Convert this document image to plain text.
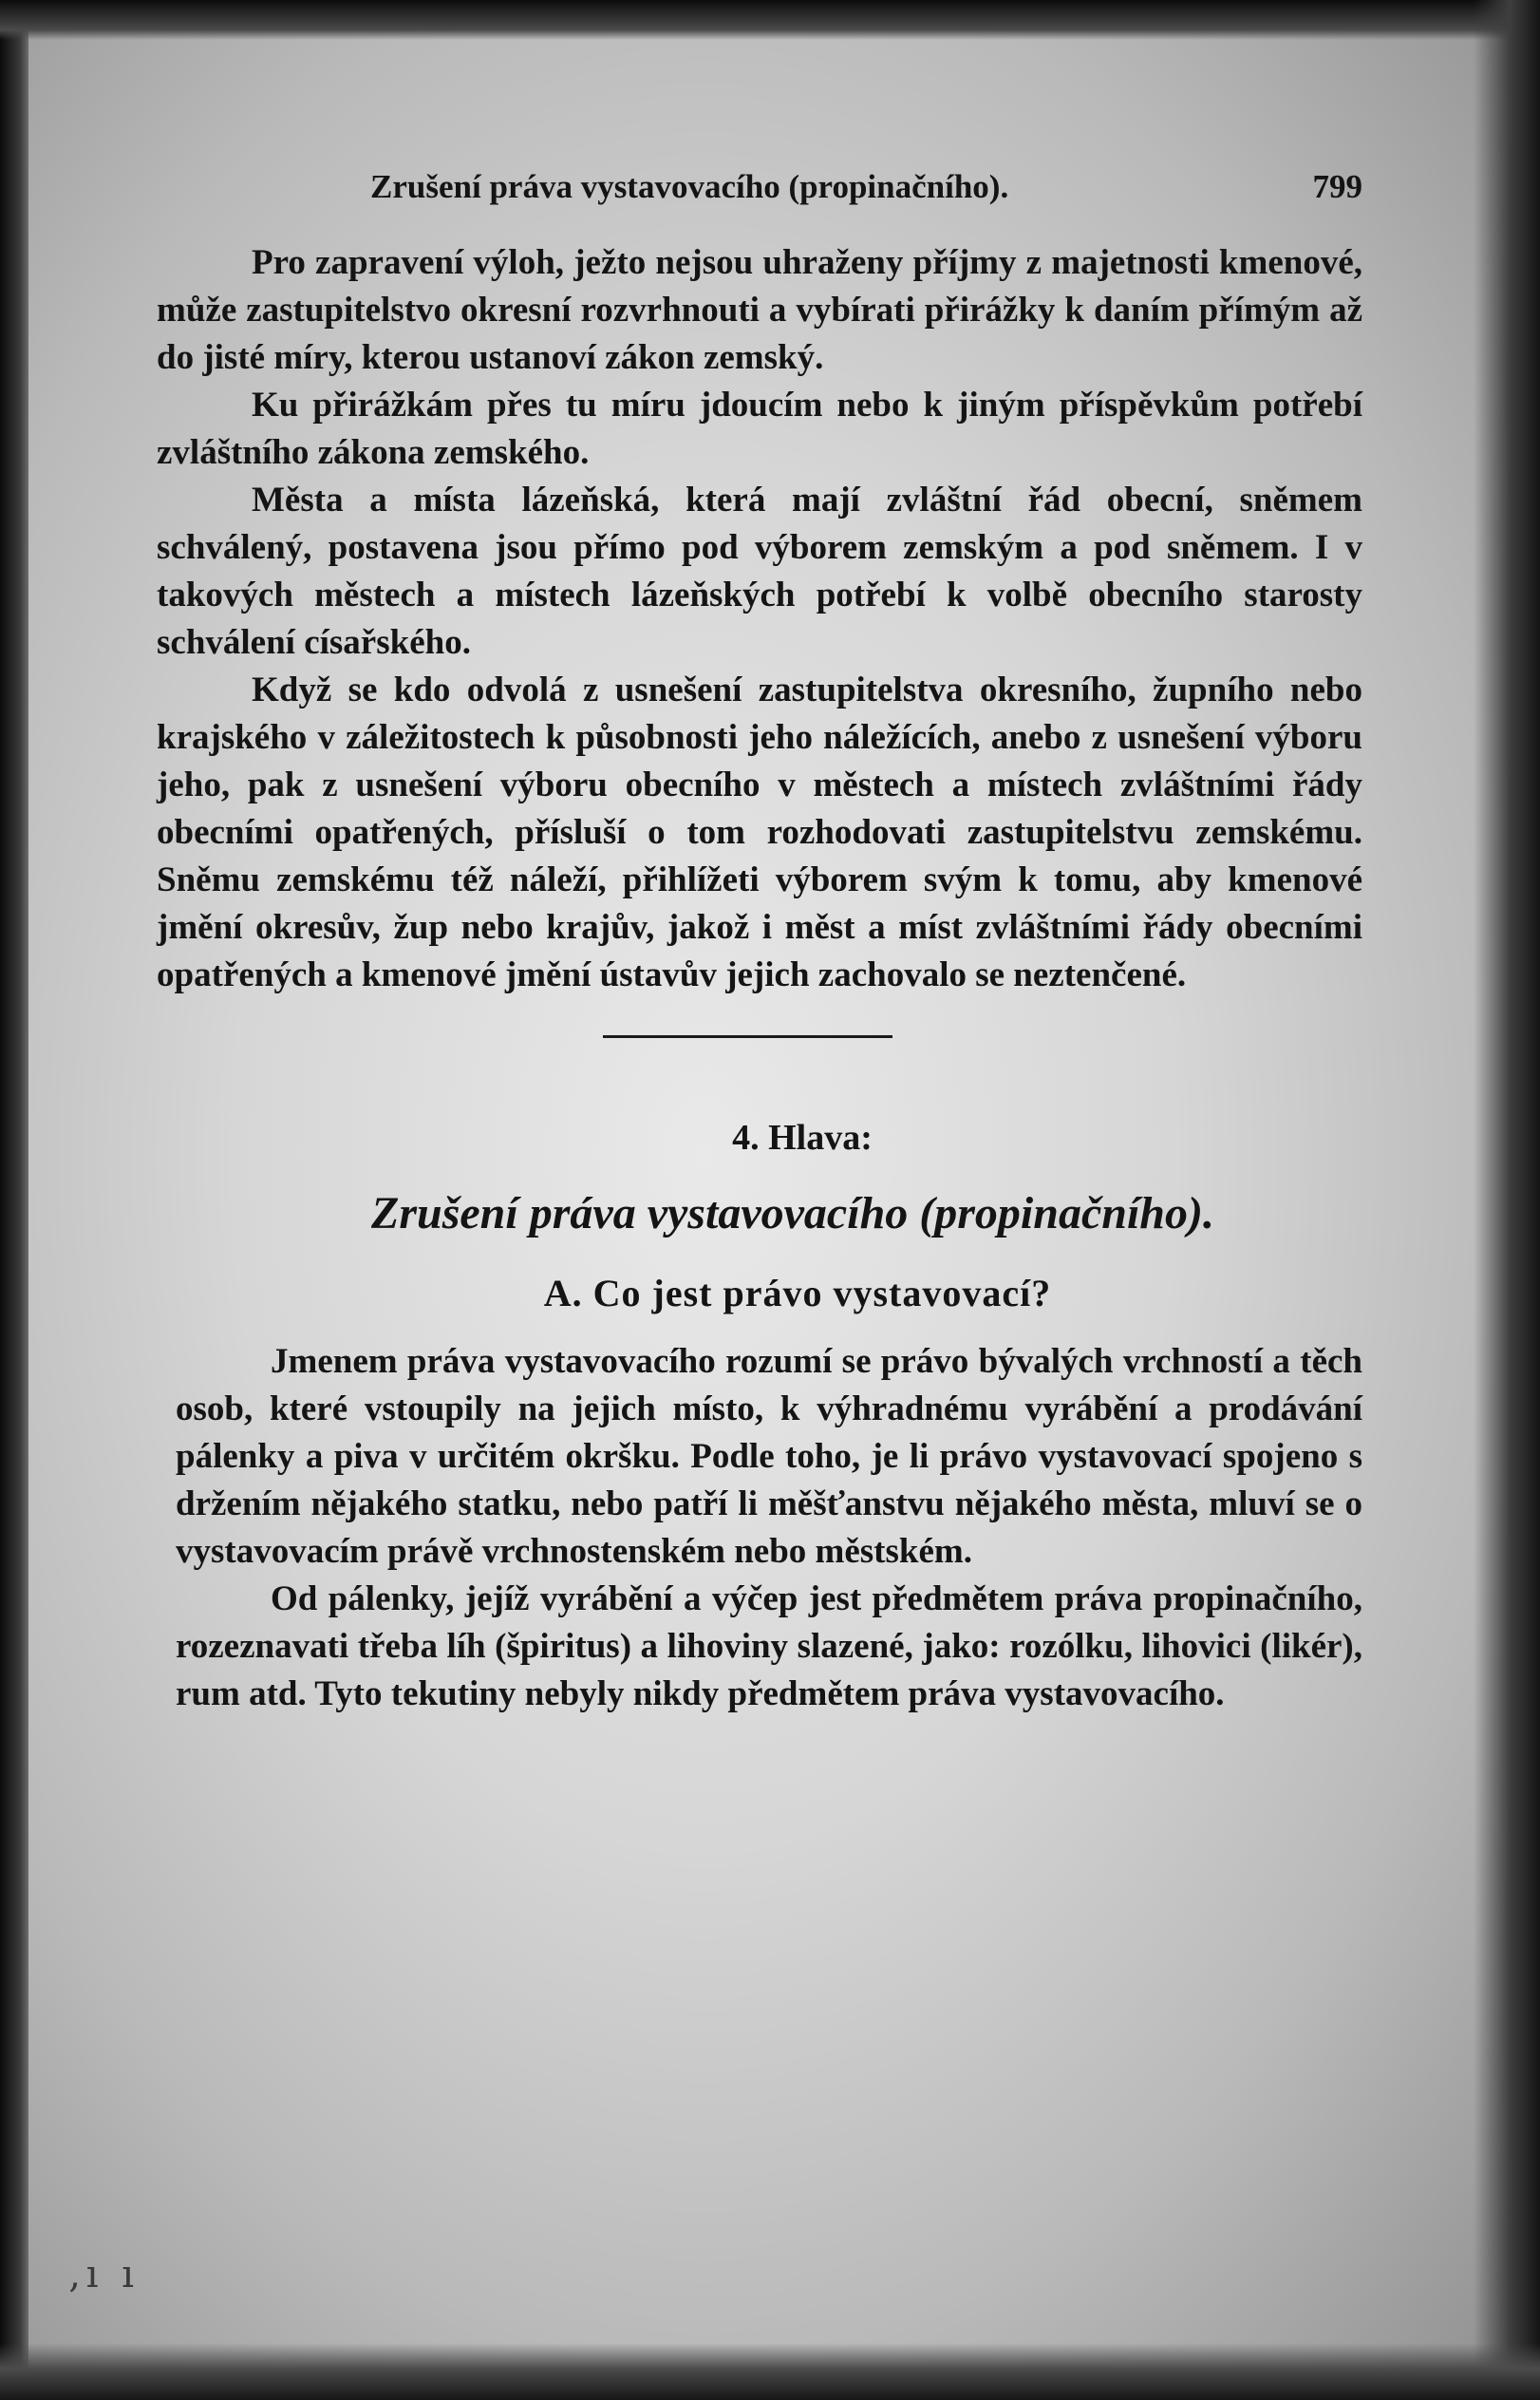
Zrušení práva vystavovacího (propinačního).	799

Pro zapravení výloh, ježto nejsou uhraženy příjmy z majetnosti kmenové, může zastupitelstvo okresní rozvrhnouti a vybírati přirážky k daním přímým až do jisté míry, kterou ustanoví zákon zemský.

Ku přirážkám přes tu míru jdoucím nebo k jiným příspěvkům potřebí zvláštního zákona zemského.

Města a místa lázeňská, která mají zvláštní řád obecní, sněmem schválený, postavena jsou přímo pod výborem zemským a pod sněmem. I v takových městech a místech lázeňských potřebí k volbě obecního starosty schválení císařského.

Když se kdo odvolá z usnešení zastupitelstva okresního, župního nebo krajského v záležitostech k působnosti jeho náležících, anebo z usnešení výboru jeho, pak z usnešení výboru obecního v městech a místech zvláštními řády obecními opatřených, přísluší o tom rozhodovati zastupitelstvu zemskému. Sněmu zemskému též náleží, přihlížeti výborem svým k tomu, aby kmenové jmění okresův, žup nebo krajův, jakož i měst a míst zvláštními řády obecními opatřených a kmenové jmění ústavův jejich zachovalo se neztenčené.

4. Hlava:
Zrušení práva vystavovacího (propinačního).
A. Co jest právo vystavovací?

Jmenem práva vystavovacího rozumí se právo bývalých vrchností a těch osob, které vstoupily na jejich místo, k výhradnému vyrábění a prodávání pálenky a piva v určitém okršku. Podle toho, je li právo vystavovací spojeno s držením nějakého statku, nebo patří li měšťanstvu nějakého města, mluví se o vystavovacím právě vrchnostenském nebo městském.

Od pálenky, jejíž vyrábění a výčep jest předmětem práva propinačního, rozeznavati třeba líh (špiritus) a lihoviny slazené, jako: rozólku, lihovici (likér), rum atd. Tyto tekutiny nebyly nikdy předmětem práva vystavovacího.

‚ı ı
